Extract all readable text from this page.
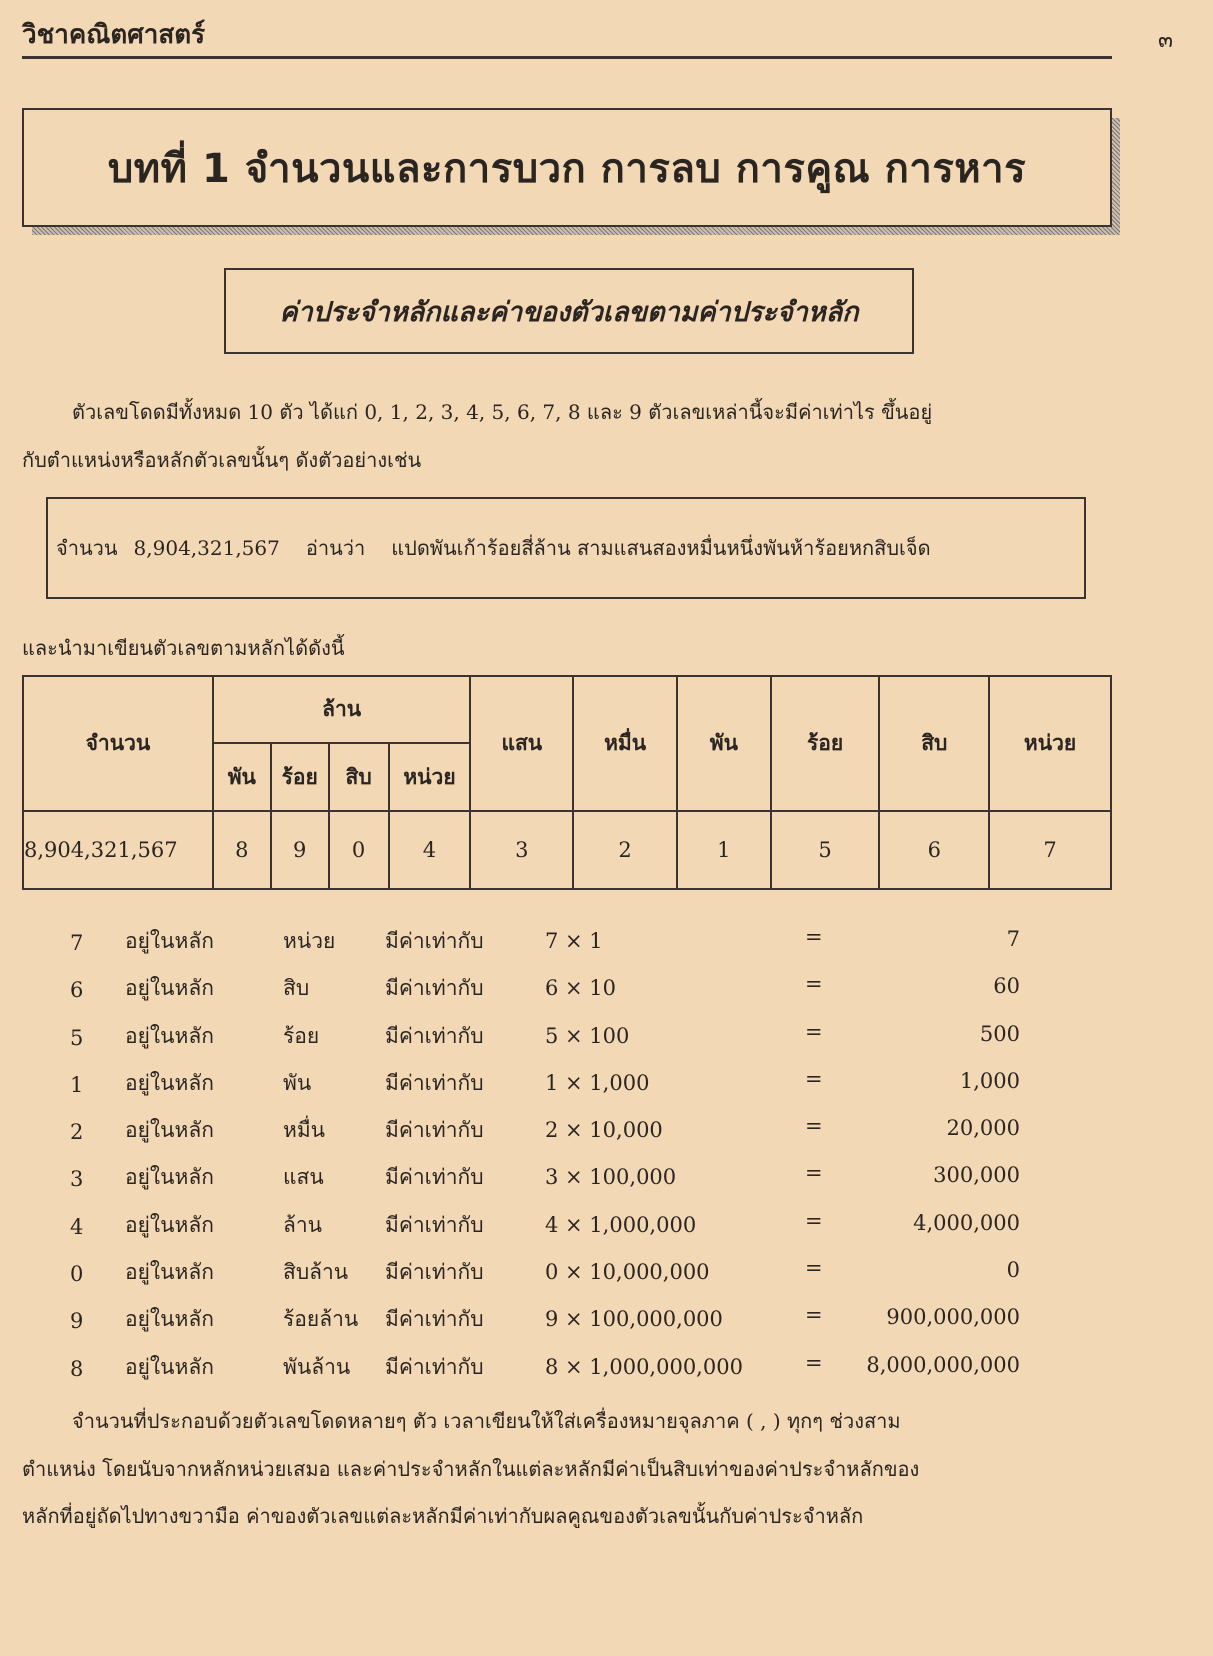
วิชาคณิตศาสตร์	๓
บทที่ 1 จำนวนและการบวก การลบ การคูณ การหาร
ค่าประจำหลักและค่าของตัวเลขตามค่าประจำหลัก
ตัวเลขโดดมีทั้งหมด 10 ตัว ได้แก่ 0, 1, 2, 3, 4, 5, 6, 7, 8 และ 9 ตัวเลขเหล่านี้จะมีค่าเท่าไร ขึ้นอยู่
กับตำแหน่งหรือหลักตัวเลขนั้นๆ ดังตัวอย่างเช่น
จำนวน 8,904,321,567 อ่านว่า แปดพันเก้าร้อยสี่ล้าน สามแสนสองหมื่นหนึ่งพันห้าร้อยหกสิบเจ็ด
และนำมาเขียนตัวเลขตามหลักได้ดังนี้
จำนวน	ล้าน				แสน	หมื่น	พัน	ร้อย	สิบ	หน่วย
	พัน	ร้อย	สิบ	หน่วย						
8,904,321,567	8	9	0	4	3	2	1	5	6	7
7 อยู่ในหลัก	หน่วย มีค่าเท่ากับ	7 × 1	=	7
6 อยู่ในหลัก	สิบ	มีค่าเท่ากับ	6 × 10	=	60
5 อยู่ในหลัก	ร้อย	มีค่าเท่ากับ	5 × 100	=	500
1 อยู่ในหลัก	พัน	มีค่าเท่ากับ	1 × 1,000	=	1,000
2 อยู่ในหลัก	หมื่น	มีค่าเท่ากับ	2 × 10,000	=	20,000
3 อยู่ในหลัก	แสน	มีค่าเท่ากับ	3 × 100,000	=	300,000
4 อยู่ในหลัก	ล้าน	มีค่าเท่ากับ	4 × 1,000,000	=	4,000,000
0 อยู่ในหลัก	สิบล้าน มีค่าเท่ากับ	0 × 10,000,000	=	0
9 อยู่ในหลัก	ร้อยล้าน มีค่าเท่ากับ	9 × 100,000,000	=	900,000,000
8 อยู่ในหลัก	พันล้าน มีค่าเท่ากับ	8 × 1,000,000,000	= 8,000,000,000
จำนวนที่ประกอบด้วยตัวเลขโดดหลายๆ ตัว เวลาเขียนให้ใส่เครื่องหมายจุลภาค ( , ) ทุกๆ ช่วงสาม
ตำแหน่ง โดยนับจากหลักหน่วยเสมอ และค่าประจำหลักในแต่ละหลักมีค่าเป็นสิบเท่าของค่าประจำหลักของ
หลักที่อยู่ถัดไปทางขวามือ ค่าของตัวเลขแต่ละหลักมีค่าเท่ากับผลคูณของตัวเลขนั้นกับค่าประจำหลัก
